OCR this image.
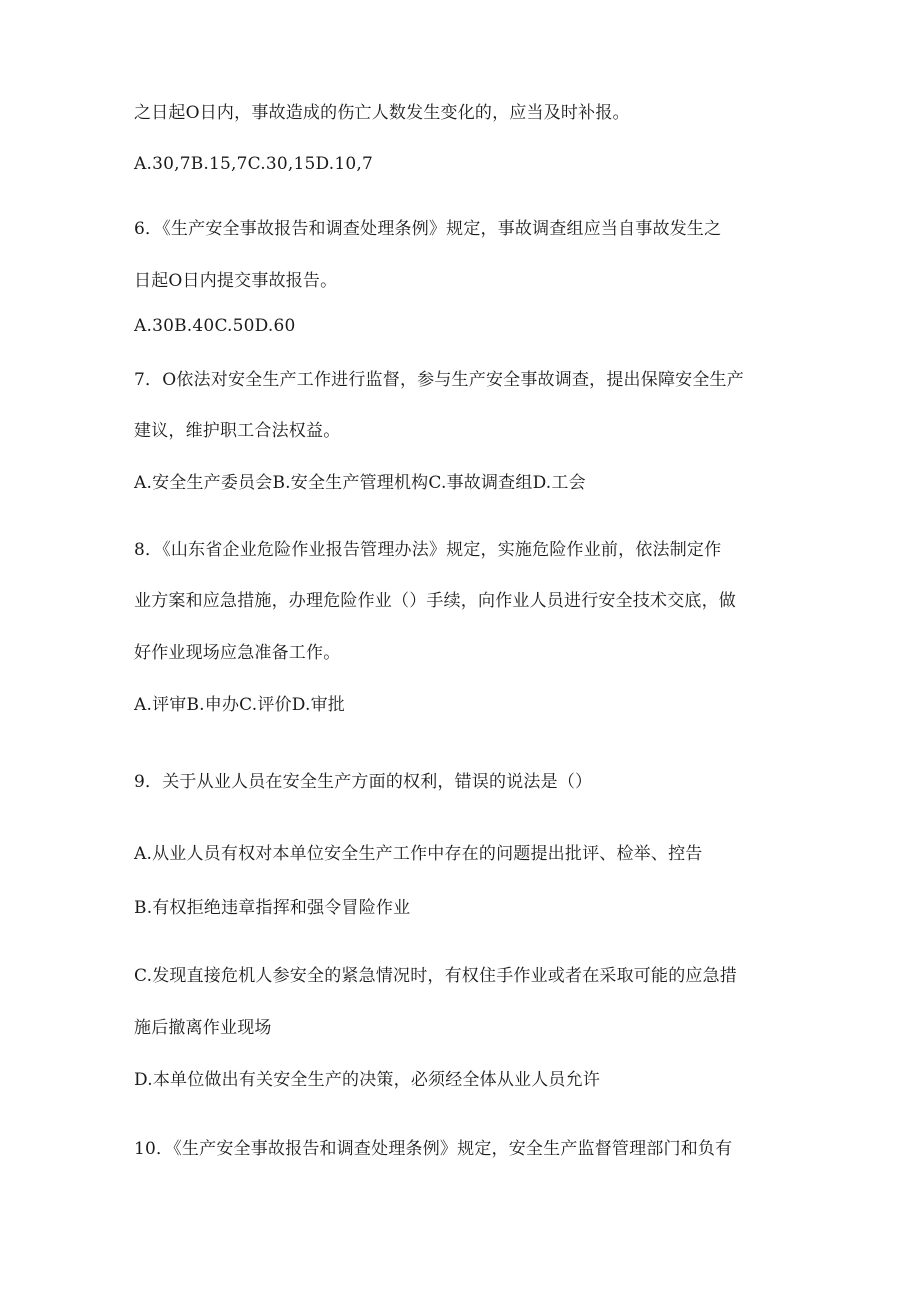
之日起O日内，事故造成的伤亡人数发生变化的，应当及时补报。
A.30,7B.15,7C.30,15D.10,7
6．《生产安全事故报告和调查处理条例》规定，事故调查组应当自事故发生之
日起O日内提交事故报告。
A.30B.40C.50D.60
7．O依法对安全生产工作进行监督，参与生产安全事故调查，提出保障安全生产
建议，维护职工合法权益。
A.安全生产委员会B.安全生产管理机构C.事故调查组D.工会
8．《山东省企业危险作业报告管理办法》规定，实施危险作业前，依法制定作
业方案和应急措施，办理危险作业（）手续，向作业人员进行安全技术交底，做
好作业现场应急准备工作。
A.评审B.申办C.评价D.审批
9．关于从业人员在安全生产方面的权利，错误的说法是（）
A.从业人员有权对本单位安全生产工作中存在的问题提出批评、检举、控告
B.有权拒绝违章指挥和强令冒险作业
C.发现直接危机人参安全的紧急情况时，有权住手作业或者在采取可能的应急措
施后撤离作业现场
D.本单位做出有关安全生产的决策，必须经全体从业人员允许
10．《生产安全事故报告和调查处理条例》规定，安全生产监督管理部门和负有
